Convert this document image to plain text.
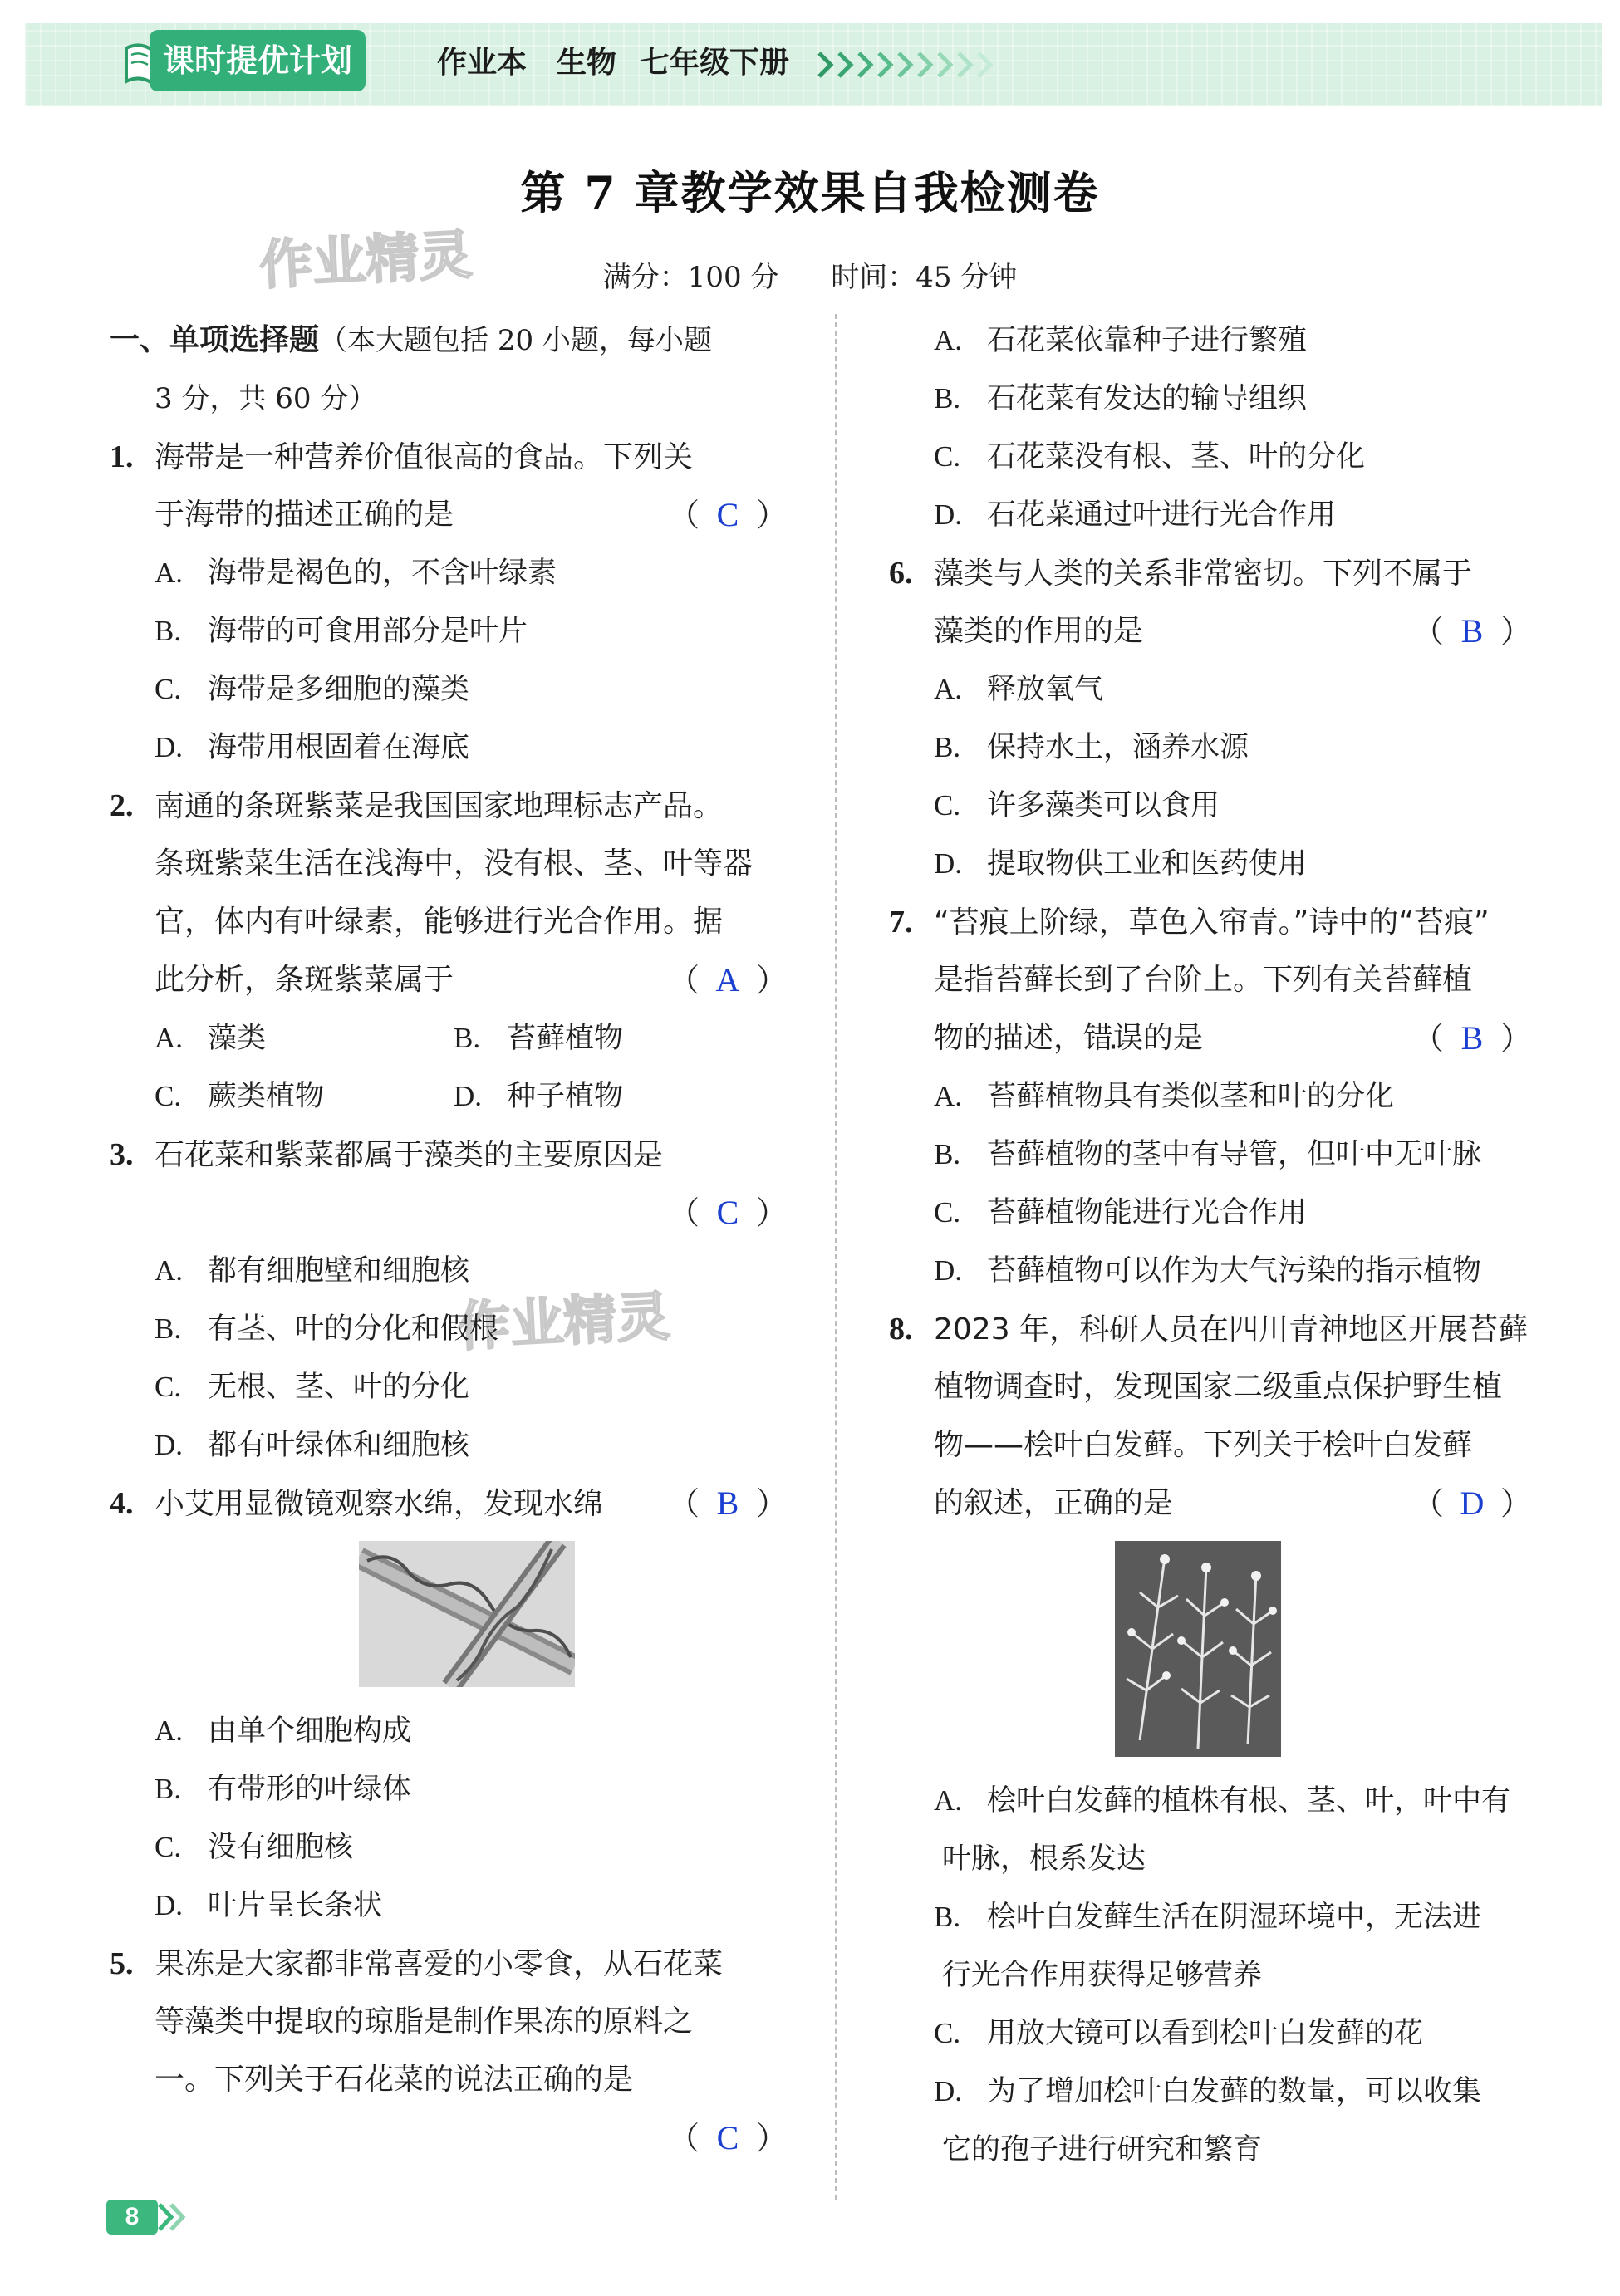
课时提优计划	作业本 生物 七年级下册
第 7 章教学效果自我检测卷
满分：100 分 时间：45 分钟
作业精灵
作业精灵
一、单项选择题（本大题包括 20 小题，每小题
3 分，共 60 分）
1. 海带是一种营养价值很高的食品。下列关
于海带的描述正确的是	（ C ）
A. 海带是褐色的，不含叶绿素
B. 海带的可食用部分是叶片
C. 海带是多细胞的藻类
D. 海带用根固着在海底
2. 南通的条斑紫菜是我国国家地理标志产品。
条斑紫菜生活在浅海中，没有根、茎、叶等器
官，体内有叶绿素，能够进行光合作用。据
此分析，条斑紫菜属于	（ A ）
A. 藻类	B. 苔藓植物
C. 蕨类植物	D. 种子植物
3. 石花菜和紫菜都属于藻类的主要原因是
（ C ）
A. 都有细胞壁和细胞核
B. 有茎、叶的分化和假根
C. 无根、茎、叶的分化
D. 都有叶绿体和细胞核
4. 小艾用显微镜观察水绵，发现水绵 （ B ）
A. 由单个细胞构成
B. 有带形的叶绿体
C. 没有细胞核
D. 叶片呈长条状
5. 果冻是大家都非常喜爱的小零食，从石花菜
等藻类中提取的琼脂是制作果冻的原料之
一。下列关于石花菜的说法正确的是
（ C ）
A. 石花菜依靠种子进行繁殖
B. 石花菜有发达的输导组织
C. 石花菜没有根、茎、叶的分化
D. 石花菜通过叶进行光合作用
6. 藻类与人类的关系非常密切。下列不属于
藻类的作用的是	（ B ）
A. 释放氧气
B. 保持水土，涵养水源
C. 许多藻类可以食用
D. 提取物供工业和医药使用
7. “苔痕上阶绿，草色入帘青。”诗中的“苔痕”
是指苔藓长到了台阶上。下列有关苔藓植
物的描述，错误的是	（ B ）
A. 苔藓植物具有类似茎和叶的分化
B. 苔藓植物的茎中有导管，但叶中无叶脉
C. 苔藓植物能进行光合作用
D. 苔藓植物可以作为大气污染的指示植物
8. 2023 年，科研人员在四川青神地区开展苔藓
植物调查时，发现国家二级重点保护野生植
物——桧叶白发藓。下列关于桧叶白发藓
的叙述，正确的是	（ D ）
A. 桧叶白发藓的植株有根、茎、叶，叶中有
叶脉，根系发达
B. 桧叶白发藓生活在阴湿环境中，无法进
行光合作用获得足够营养
C. 用放大镜可以看到桧叶白发藓的花
D. 为了增加桧叶白发藓的数量，可以收集
它的孢子进行研究和繁育
8
